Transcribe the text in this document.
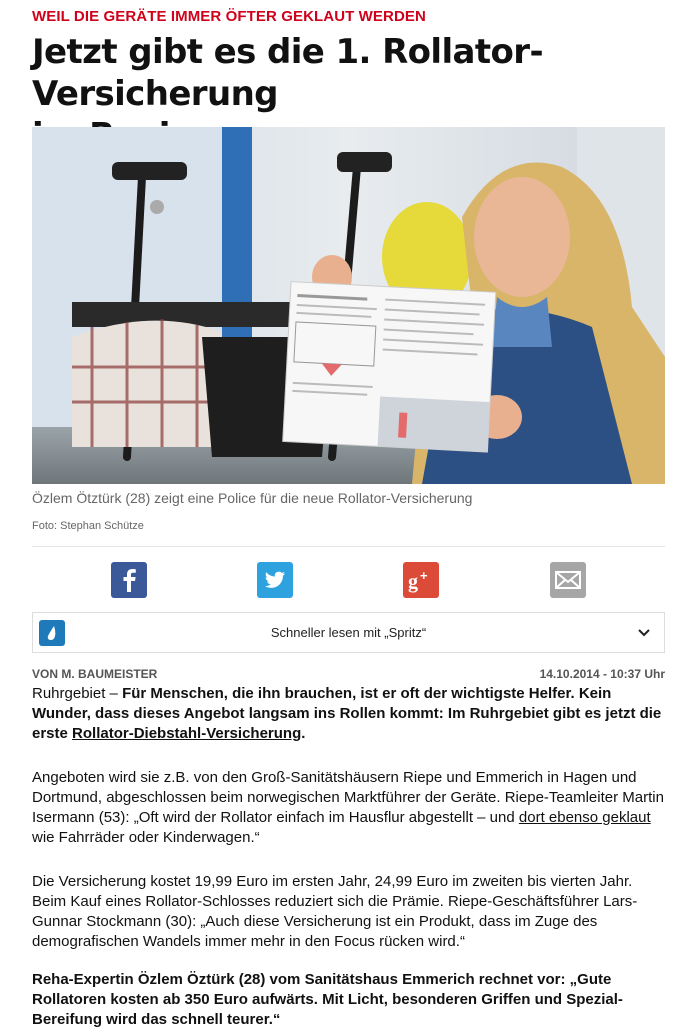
WEIL DIE GERÄTE IMMER ÖFTER GEKLAUT WERDEN
Jetzt gibt es die 1. Rollator-Versicherung

Özlem Ötztürk (28) zeigt eine Police für die neue Rollator-Versicherung
Foto: Stephan Schütze
g +
Schneller lesen mit „Spritz“
VON M. BAUMEISTER	14.10.2014 - 10:37 Uhr

Ruhrgebiet – Für Menschen, die ihn brauchen, ist er oft der wichtigste Helfer. Kein Wunder, dass dieses Angebot langsam ins Rollen kommt: Im Ruhrgebiet gibt es jetzt die erste Rollator-Diebstahl-Versicherung.

Angeboten wird sie z.B. von den Groß-Sanitätshäusern Riepe und Emmerich in Hagen und Dortmund, abgeschlossen beim norwegischen Marktführer der Geräte. Riepe-Teamleiter Martin Isermann (53): „Oft wird der Rollator einfach im Hausflur abgestellt – und dort ebenso geklaut wie Fahrräder oder Kinderwagen.“

Die Versicherung kostet 19,99 Euro im ersten Jahr, 24,99 Euro im zweiten bis vierten Jahr. Beim Kauf eines Rollator-Schlosses reduziert sich die Prämie. Riepe-Geschäftsführer Lars-Gunnar Stockmann (30): „Auch diese Versicherung ist ein Produkt, dass im Zuge des demografischen Wandels immer mehr in den Focus rücken wird.“

Reha-Expertin Özlem Öztürk (28) vom Sanitätshaus Emmerich rechnet vor: „Gute Rollatoren kosten ab 350 Euro aufwärts. Mit Licht, besonderen Griffen und Spezial-Bereifung wird das schnell teurer.“
